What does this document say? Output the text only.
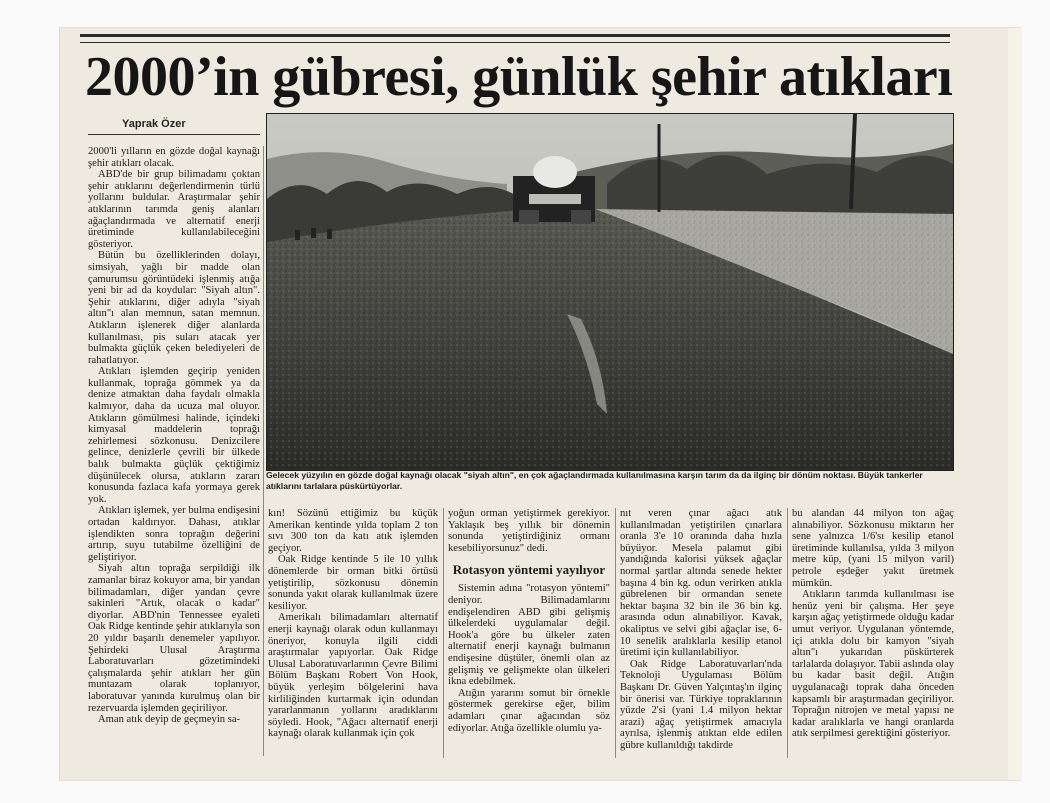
2000’in gübresi, günlük şehir atıkları
Yaprak Özer

2000'li yılların en gözde doğal kaynağı şehir atıkları olacak.

ABD'de bir grup bilimadamı çoktan şehir atıklarını değerlendirmenin türlü yollarını buldular. Araştırmalar şehir atıklarının tarımda geniş alanları ağaçlandırmada ve alternatif enerji üretiminde kullanılabileceğini gösteriyor.

Bütün bu özelliklerinden dolayı, simsiyah, yağlı bir madde olan çamurumsu görüntüdeki işlenmiş atığa yeni bir ad da koydular: "Siyah altın". Şehir atıklarını, diğer adıyla "siyah altın"ı alan memnun, satan memnun. Atıkların işlenerek diğer alanlarda kullanılması, pis suları atacak yer bulmakta güçlük çeken belediyeleri de rahatlatıyor.

Atıkları işlemden geçirip yeniden kullanmak, toprağa gömmek ya da denize atmaktan daha faydalı olmakla kalmıyor, daha da ucuza mal oluyor. Atıkların gömülmesi halinde, içindeki kimyasal maddelerin toprağı zehirlemesi sözkonusu. Denizcilere gelince, denizlerle çevrili bir ülkede balık bulmakta güçlük çektiğimiz düşünülecek olursa, atıkların zararı konusunda fazlaca kafa yormaya gerek yok.

Atıkları işlemek, yer bulma endişesini ortadan kaldırıyor. Dahası, atıklar işlendikten sonra toprağın değerini artırıp, suyu tutabilme özelliğini de geliştiriyor.

Siyah altın toprağa serpildiği ilk zamanlar biraz kokuyor ama, bir yandan bilimadamları, diğer yandan çevre sakinleri "Artık, olacak o kadar" diyorlar. ABD'nin Tennessee eyaleti Oak Ridge kentinde şehir atıklarıyla son 20 yıldır başarılı denemeler yapılıyor. Şehirdeki Ulusal Araştırma Laboratuvarları gözetimindeki çalışmalarda şehir atıkları her gün muntazam olarak toplanıyor, laboratuvar yanında kurulmuş olan bir rezervuarda işlemden geçiriliyor.

Aman atık deyip de geçmeyin sa-

Gelecek yüzyılın en gözde doğal kaynağı olacak "siyah altın", en çok ağaçlandırmada kullanılmasına karşın tarım da da ilginç bir dönüm noktası. Büyük tankerler atıklarını tarlalara püskürtüyorlar.

kın! Sözünü ettiğimiz bu küçük Amerikan kentinde yılda toplam 2 ton sıvı 300 ton da katı atık işlemden geçiyor.

Oak Ridge kentinde 5 ile 10 yıllık dönemlerde bir orman bitki örtüsü yetiştirilip, sözkonusu dönemin sonunda yakıt olarak kullanılmak üzere kesiliyor.

Amerikalı bilimadamları alternatif enerji kaynağı olarak odun kullanmayı öneriyor, konuyla ilgili ciddi araştırmalar yapıyorlar. Oak Ridge Ulusal Laboratuvarlarının Çevre Bilimi Bölüm Başkanı Robert Von Hook, büyük yerleşim bölgelerini hava kirliliğinden kurtarmak için odundan yararlanmanın yollarını aradıklarını söyledi. Hook, "Ağacı alternatif enerji kaynağı olarak kullanmak için çok

yoğun orman yetiştirmek gerekiyor. Yaklaşık beş yıllık bir dönemin sonunda yetiştirdiğiniz ormanı kesebiliyorsunuz" dedi.

Rotasyon yöntemi yayılıyor

Sistemin adına "rotasyon yöntemi" deniyor. Bilimadamlarını endişelendiren ABD gibi gelişmiş ülkelerdeki uygulamalar değil. Hook'a göre bu ülkeler zaten alternatif enerji kaynağı bulmanın endişesine düştüler, önemli olan az gelişmiş ve gelişmekte olan ülkeleri ikna edebilmek.

Atığın yararını somut bir örnekle göstermek gerekirse eğer, bilim adamları çınar ağacından söz ediyorlar. Atığa özellikle olumlu ya-

nıt veren çınar ağacı atık kullanılmadan yetiştirilen çınarlara oranla 3'e 10 oranında daha hızla büyüyor. Mesela palamut gibi yandığında kalorisi yüksek ağaçlar normal şartlar altında senede hekter başına 4 bin kg. odun verirken atıkla gübrelenen bir ormandan senete hektar başına 32 bin ile 36 bin kg. arasında odun alınabiliyor. Kavak, okaliptus ve selvi gibi ağaçlar ise, 6-10 senelik aralıklarla kesilip etanol üretimi için kullanılabiliyor.

Oak Ridge Laboratuvarları'nda Teknoloji Uygulaması Bölüm Başkanı Dr. Güven Yalçıntaş'ın ilginç bir önerisi var. Türkiye topraklarının yüzde 2'si (yani 1.4 milyon hektar arazi) ağaç yetiştirmek amacıyla ayrılsa, işlenmiş atıktan elde edilen gübre kullanıldığı takdirde

bu alandan 44 milyon ton ağaç alınabiliyor. Sözkonusu miktarın her sene yalnızca 1/6'sı kesilip etanol üretiminde kullanılsa, yılda 3 milyon metre küp, (yani 15 milyon varil) petrole eşdeğer yakıt üretmek mümkün.

Atıkların tarımda kullanılması ise henüz yeni bir çalışma. Her şeye karşın ağaç yetiştirmede olduğu kadar umut veriyor. Uygulanan yöntemde, içi atıkla dolu bir kamyon "siyah altın"ı yukarıdan püskürterek tarlalarda dolaşıyor. Tabii aslında olay bu kadar basit değil. Atığın uygulanacağı toprak daha önceden kapsamlı bir araştırmadan geçiriliyor. Toprağın nitrojen ve metal yapısı ne kadar aralıklarla ve hangi oranlarda atık serpilmesi gerektiğini gösteriyor.
